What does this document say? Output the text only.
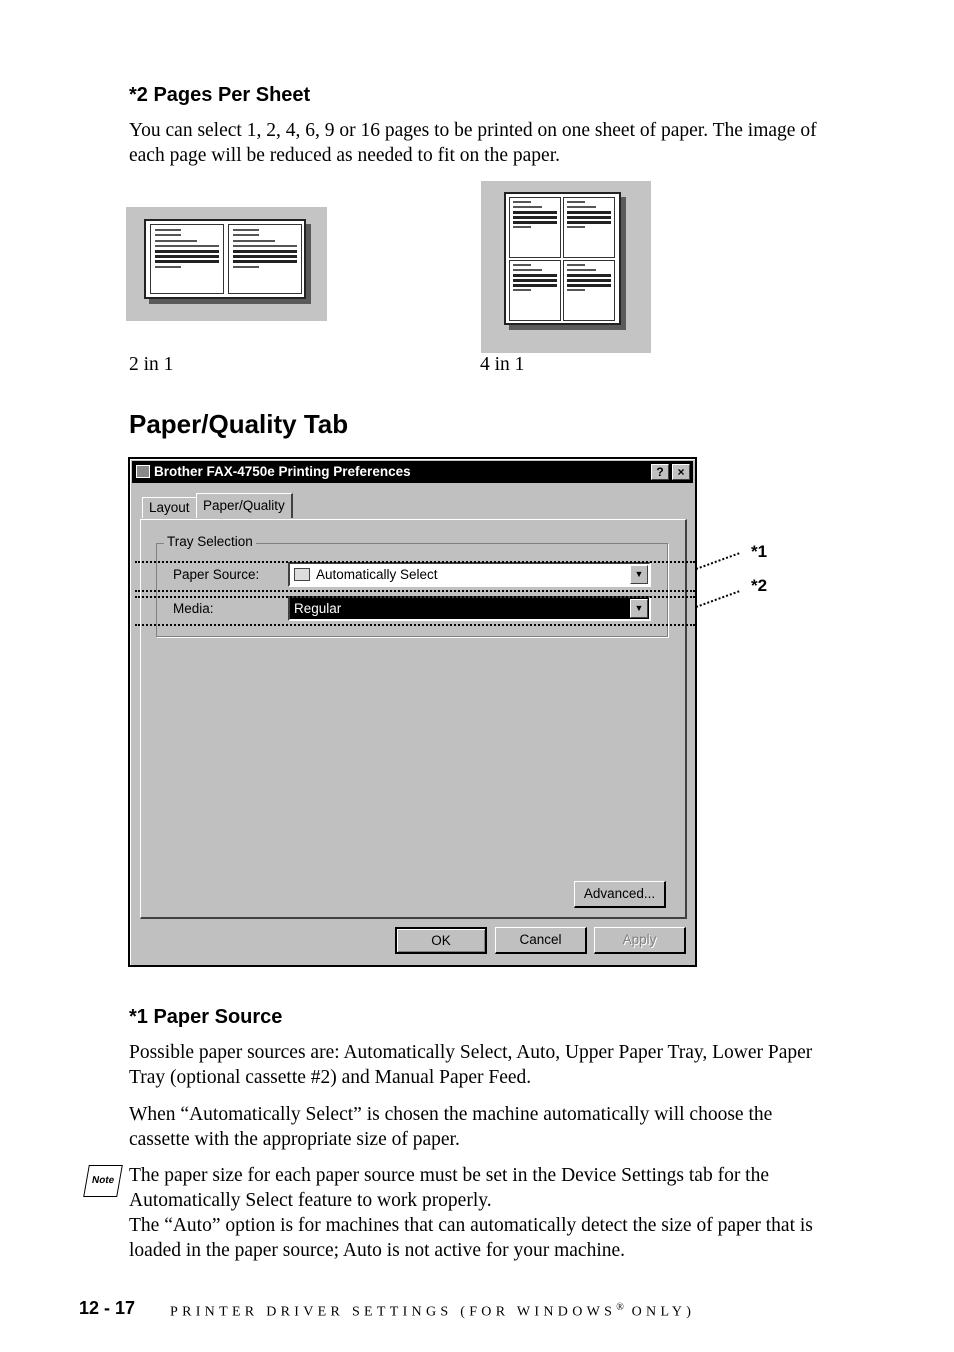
*2 Pages Per Sheet
You can select 1, 2, 4, 6, 9 or 16 pages to be printed on one sheet of paper. The image of each page will be reduced as needed to fit on the paper.
2 in 1	4 in 1
Paper/Quality Tab
Brother FAX-4750e Printing Preferences	?	×
Layout Paper/Quality
Tray Selection
Paper Source:	Automatically Select	▼
Media:	Regular	▼
Advanced...
OK	Cancel	Apply
*1
*2
*1 Paper Source
Possible paper sources are: Automatically Select, Auto, Upper Paper Tray, Lower Paper Tray (optional cassette #2) and Manual Paper Feed.
When “Automatically Select” is chosen the machine automatically will choose the cassette with the appropriate size of paper.
Note The paper size for each paper source must be set in the Device Settings tab for the Automatically Select feature to work properly.
The “Auto” option is for machines that can automatically detect the size of paper that is loaded in the paper source; Auto is not active for your machine.
12 - 17 PRINTER DRIVER SETTINGS (FOR WINDOWS® ONLY)
